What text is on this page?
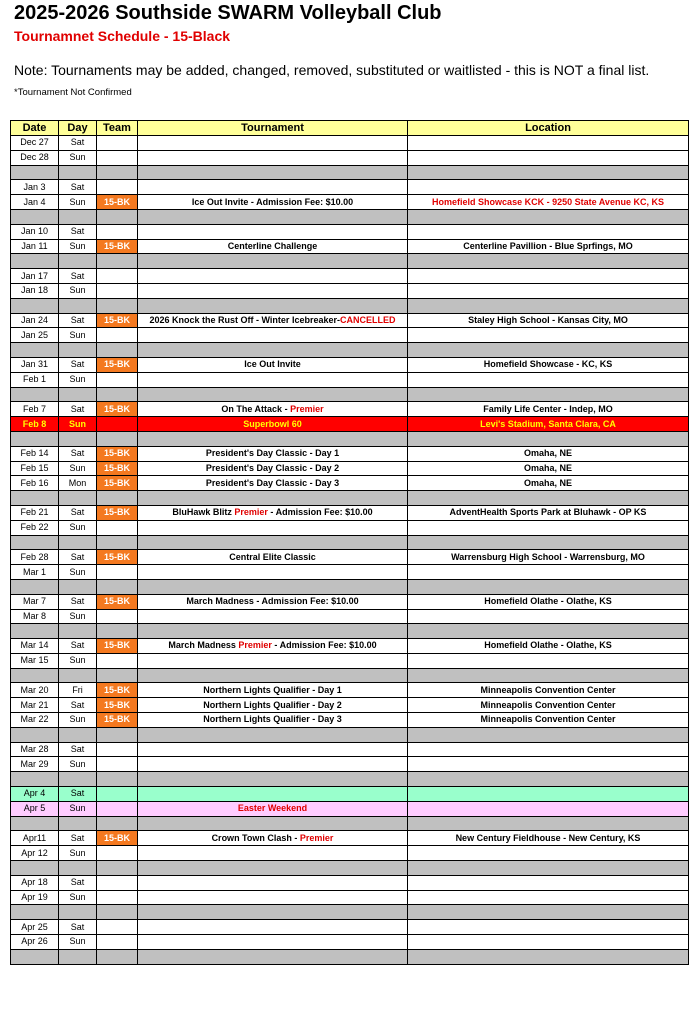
2025-2026 Southside SWARM Volleyball Club
Tournamnet Schedule - 15-Black
Note: Tournaments may be added, changed, removed, substituted or waitlisted - this is NOT a final list.
*Tournament Not Confirmed
Date	Day	Team	Tournament	Location
Dec 27	Sat			
Dec 28	Sun			

Jan 3	Sat			
Jan 4	Sun	15-BK	Ice Out Invite - Admission Fee: $10.00	Homefield Showcase KCK - 9250 State Avenue KC, KS

Jan 10	Sat			
Jan 11	Sun	15-BK	Centerline Challenge	Centerline Pavillion - Blue Sprfings, MO

Jan 17	Sat			
Jan 18	Sun			

Jan 24	Sat	15-BK	2026 Knock the Rust Off - Winter Icebreaker-CANCELLED	Staley High School - Kansas City, MO
Jan 25	Sun			

Jan 31	Sat	15-BK	Ice Out Invite	Homefield Showcase - KC, KS
Feb 1	Sun			

Feb 7	Sat	15-BK	On The Attack - Premier	Family Life Center - Indep, MO
Feb 8	Sun		Superbowl 60	Levi's Stadium, Santa Clara, CA

Feb 14	Sat	15-BK	President's Day Classic - Day 1	Omaha, NE
Feb 15	Sun	15-BK	President's Day Classic - Day 2	Omaha, NE
Feb 16	Mon	15-BK	President's Day Classic - Day 3	Omaha, NE

Feb 21	Sat	15-BK	BluHawk Blitz Premier - Admission Fee: $10.00	AdventHealth Sports Park at Bluhawk - OP KS
Feb 22	Sun			

Feb 28	Sat	15-BK	Central Elite Classic	Warrensburg High School - Warrensburg, MO
Mar 1	Sun			

Mar 7	Sat	15-BK	March Madness - Admission Fee: $10.00	Homefield Olathe - Olathe, KS
Mar 8	Sun			

Mar 14	Sat	15-BK	March Madness Premier - Admission Fee: $10.00	Homefield Olathe - Olathe, KS
Mar 15	Sun			

Mar 20	Fri	15-BK	Northern Lights Qualifier - Day 1	Minneapolis Convention Center
Mar 21	Sat	15-BK	Northern Lights Qualifier - Day 2	Minneapolis Convention Center
Mar 22	Sun	15-BK	Northern Lights Qualifier - Day 3	Minneapolis Convention Center

Mar 28	Sat			
Mar 29	Sun			

Apr 4	Sat			
Apr 5	Sun		Easter Weekend	

Apr11	Sat	15-BK	Crown Town Clash - Premier	New Century Fieldhouse - New Century, KS
Apr 12	Sun			

Apr 18	Sat			
Apr 19	Sun			

Apr 25	Sat			
Apr 26	Sun			
